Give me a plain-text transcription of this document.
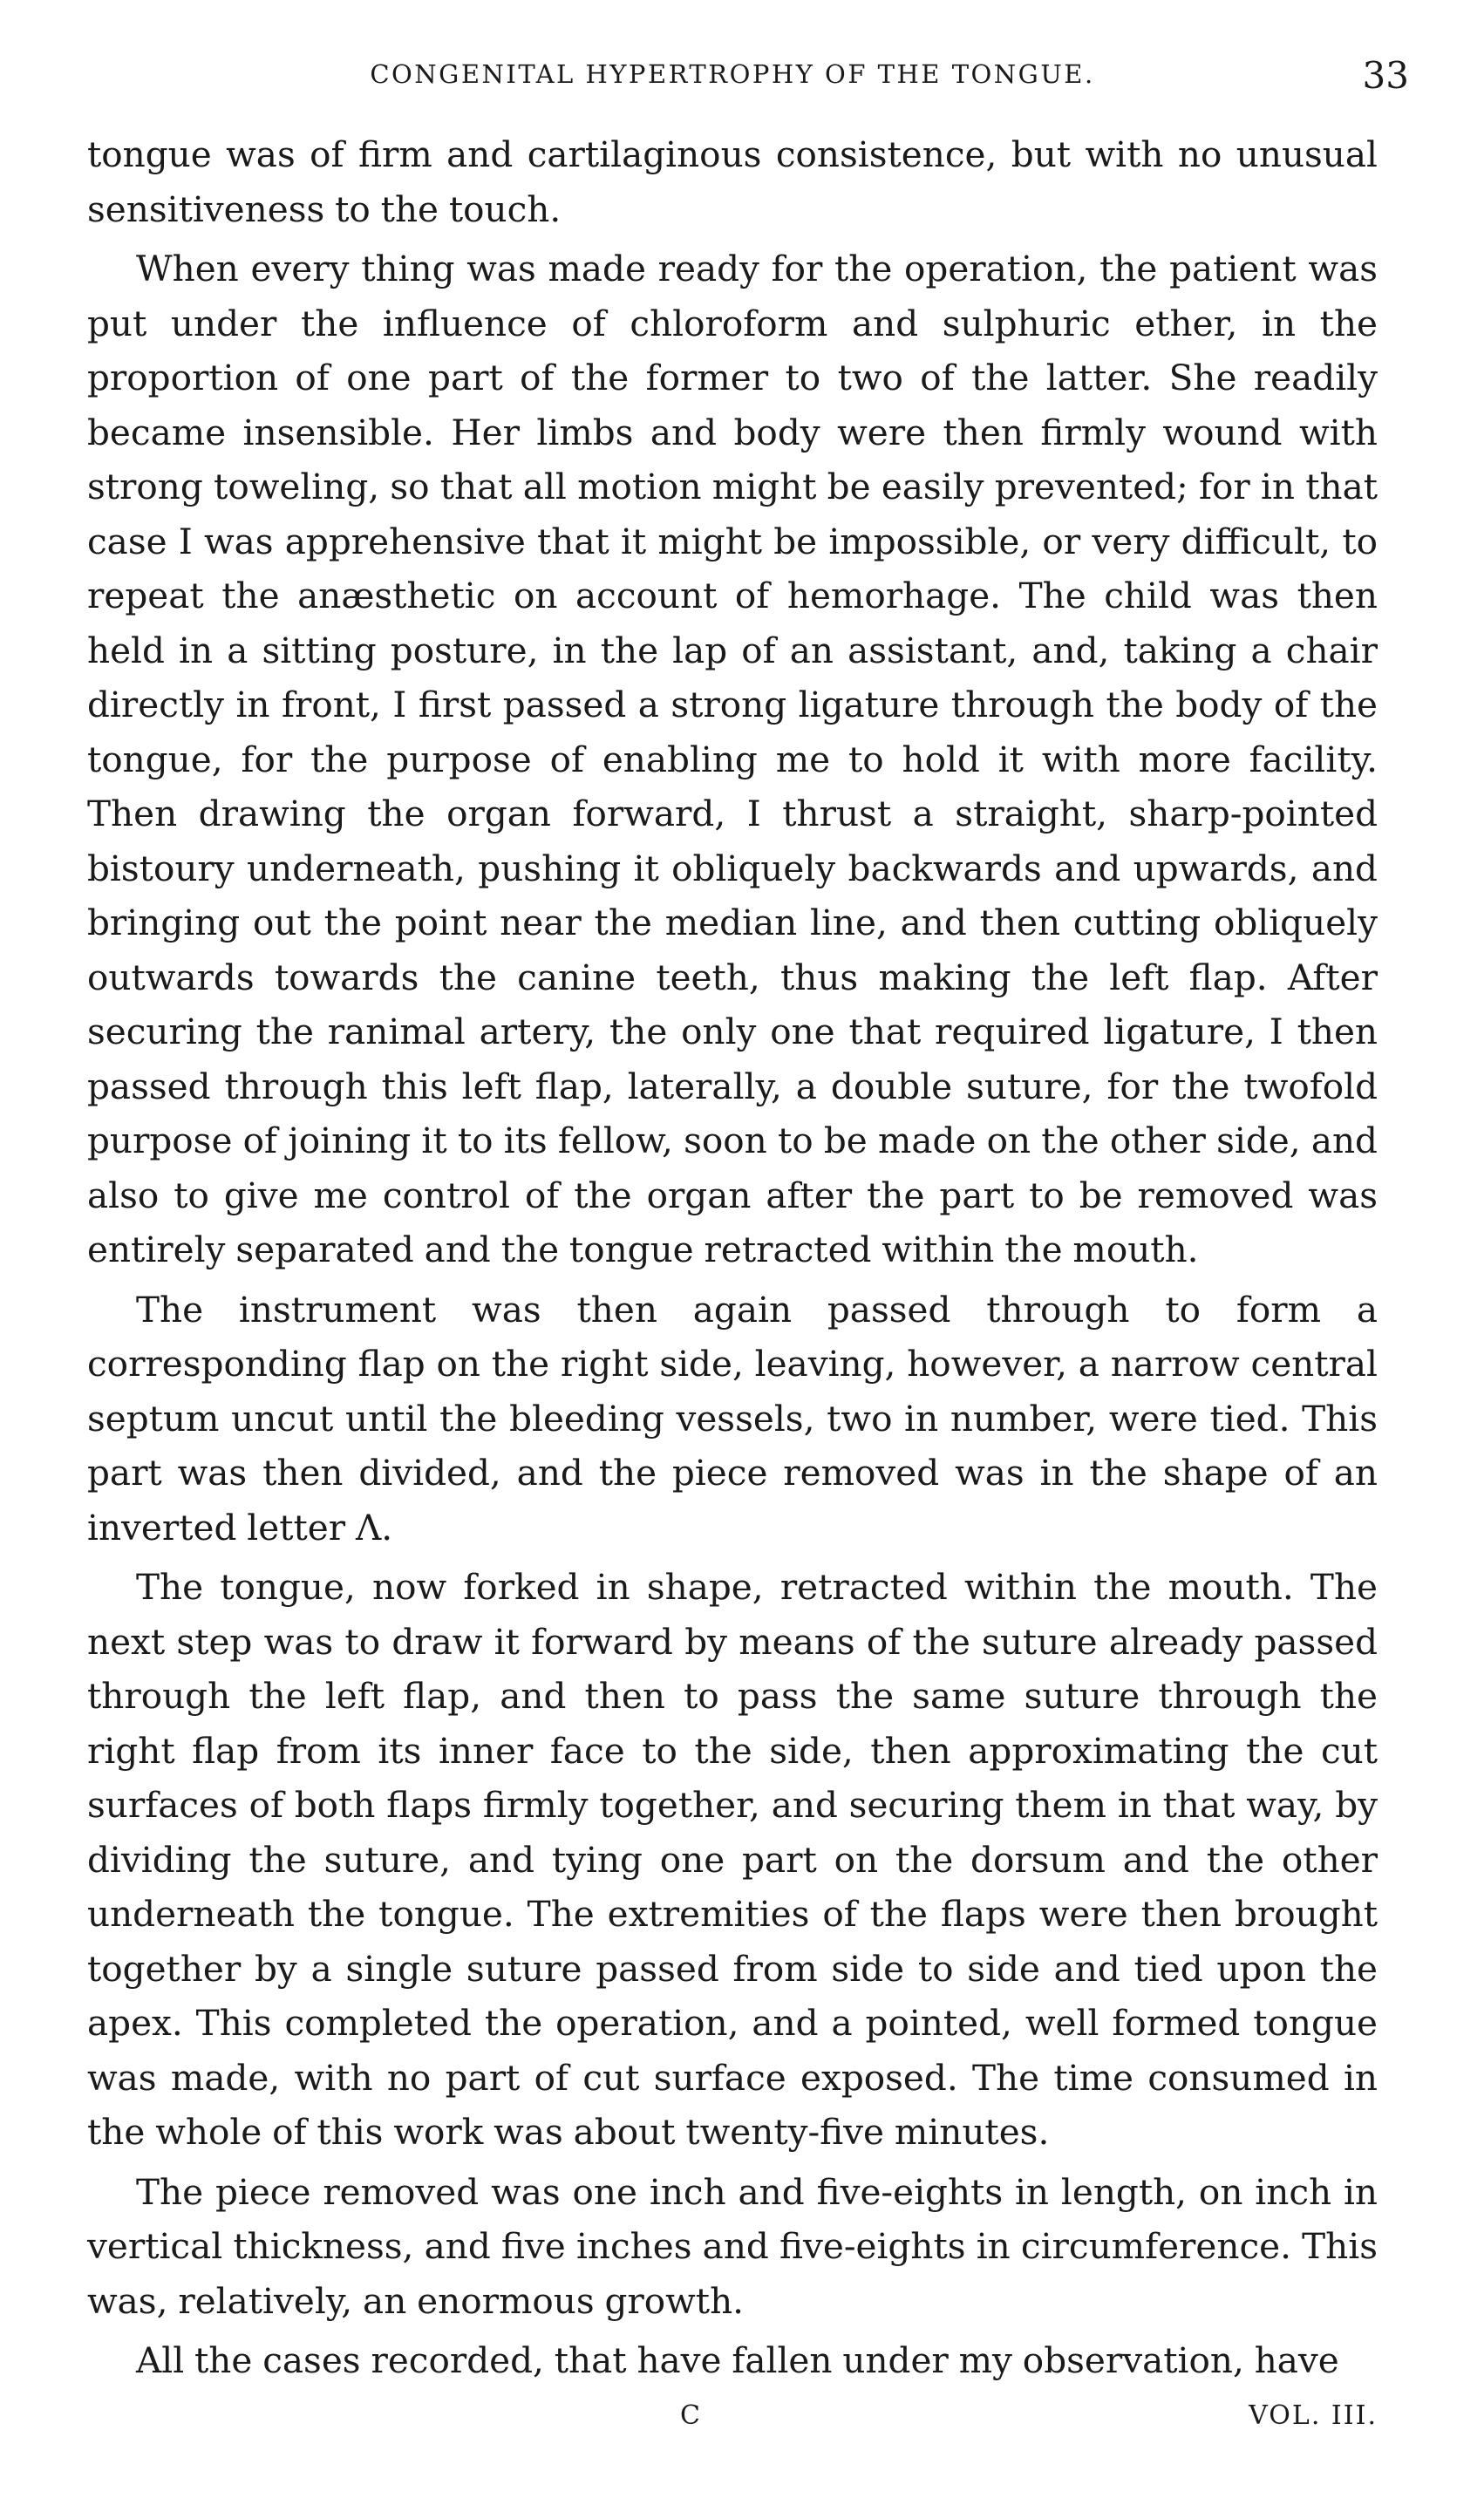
CONGENITAL HYPERTROPHY OF THE TONGUE.	33

tongue was of firm and cartilaginous consistence, but with no unusual sensitiveness to the touch.

When every thing was made ready for the operation, the patient was put under the influence of chloroform and sulphuric ether, in the proportion of one part of the former to two of the latter. She readily became insensible. Her limbs and body were then firmly wound with strong toweling, so that all motion might be easily prevented; for in that case I was apprehensive that it might be impossible, or very difficult, to repeat the anæsthetic on account of hemorhage. The child was then held in a sitting posture, in the lap of an assistant, and, taking a chair directly in front, I first passed a strong ligature through the body of the tongue, for the purpose of enabling me to hold it with more facility. Then drawing the organ forward, I thrust a straight, sharp-pointed bistoury underneath, pushing it obliquely backwards and upwards, and bringing out the point near the median line, and then cutting obliquely outwards towards the canine teeth, thus making the left flap. After securing the ranimal artery, the only one that required ligature, I then passed through this left flap, laterally, a double suture, for the twofold purpose of joining it to its fellow, soon to be made on the other side, and also to give me control of the organ after the part to be removed was entirely separated and the tongue retracted within the mouth.

The instrument was then again passed through to form a corresponding flap on the right side, leaving, however, a narrow central septum uncut until the bleeding vessels, two in number, were tied. This part was then divided, and the piece removed was in the shape of an inverted letter Λ.

The tongue, now forked in shape, retracted within the mouth. The next step was to draw it forward by means of the suture already passed through the left flap, and then to pass the same suture through the right flap from its inner face to the side, then approximating the cut surfaces of both flaps firmly together, and securing them in that way, by dividing the suture, and tying one part on the dorsum and the other underneath the tongue. The extremities of the flaps were then brought together by a single suture passed from side to side and tied upon the apex. This completed the operation, and a pointed, well formed tongue was made, with no part of cut surface exposed. The time consumed in the whole of this work was about twenty-five minutes.

The piece removed was one inch and five-eights in length, on inch in vertical thickness, and five inches and five-eights in circumference. This was, relatively, an enormous growth.

All the cases recorded, that have fallen under my observation, have

C	VOL. III.
